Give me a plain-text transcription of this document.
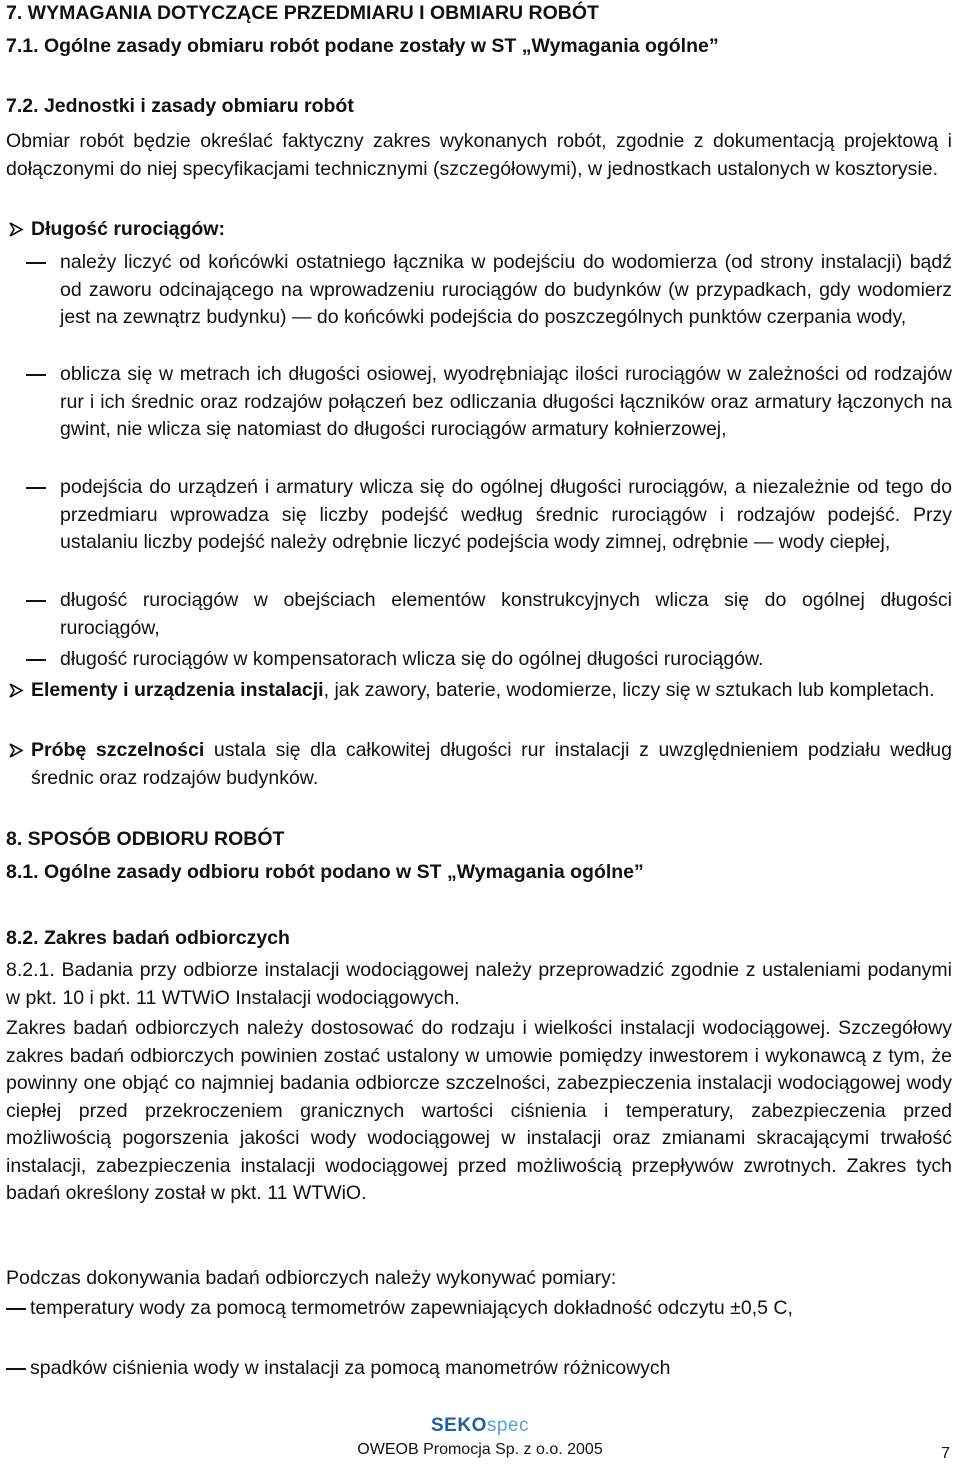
7. WYMAGANIA DOTYCZĄCE PRZEDMIARU I OBMIARU ROBÓT
7.1. Ogólne zasady obmiaru robót podane zostały w ST „Wymagania ogólne”
7.2. Jednostki i zasady obmiaru robót
Obmiar robót będzie określać faktyczny zakres wykonanych robót, zgodnie z dokumentacją projektową i dołączonymi do niej specyfikacjami technicznymi (szczegółowymi), w jednostkach ustalonych w kosztorysie.
Długość rurociągów:
należy liczyć od końcówki ostatniego łącznika w podejściu do wodomierza (od strony instalacji) bądź od zaworu odcinającego na wprowadzeniu rurociągów do budynków (w przypadkach, gdy wodomierz jest na zewnątrz budynku) — do końcówki podejścia do poszczególnych punktów czerpania wody,
oblicza się w metrach ich długości osiowej, wyodrębniając ilości rurociągów w zależności od rodzajów rur i ich średnic oraz rodzajów połączeń bez odliczania długości łączników oraz armatury łączonych na gwint, nie wlicza się natomiast do długości rurociągów armatury kołnierzowej,
podejścia do urządzeń i armatury wlicza się do ogólnej długości rurociągów, a niezależnie od tego do przedmiaru wprowadza się liczby podejść według średnic rurociągów i rodzajów podejść. Przy ustalaniu liczby podejść należy odrębnie liczyć podejścia wody zimnej, odrębnie — wody ciepłej,
długość rurociągów w obejściach elementów konstrukcyjnych wlicza się do ogólnej długości rurociągów,
długość rurociągów w kompensatorach wlicza się do ogólnej długości rurociągów.
Elementy i urządzenia instalacji, jak zawory, baterie, wodomierze, liczy się w sztukach lub kompletach.
Próbę szczelności ustala się dla całkowitej długości rur instalacji z uwzględnieniem podziału według średnic oraz rodzajów budynków.
8. SPOSÓB ODBIORU ROBÓT
8.1. Ogólne zasady odbioru robót podano w ST „Wymagania ogólne”
8.2. Zakres badań odbiorczych
8.2.1. Badania przy odbiorze instalacji wodociągowej należy przeprowadzić zgodnie z ustaleniami podanymi w pkt. 10 i pkt. 11 WTWiO Instalacji wodociągowych.
Zakres badań odbiorczych należy dostosować do rodzaju i wielkości instalacji wodociągowej. Szczegółowy zakres badań odbiorczych powinien zostać ustalony w umowie pomiędzy inwestorem i wykonawcą z tym, że powinny one objąć co najmniej badania odbiorcze szczelności, zabezpieczenia instalacji wodociągowej wody ciepłej przed przekroczeniem granicznych wartości ciśnienia i temperatury, zabezpieczenia przed możliwością pogorszenia jakości wody wodociągowej w instalacji oraz zmianami skracającymi trwałość instalacji, zabezpieczenia instalacji wodociągowej przed możliwością przepływów zwrotnych. Zakres tych badań określony został w pkt. 11 WTWiO.
Podczas dokonywania badań odbiorczych należy wykonywać pomiary:
temperatury wody za pomocą termometrów zapewniających dokładność odczytu ±0,5 C,
spadków ciśnienia wody w instalacji za pomocą manometrów różnicowych
SEKOspec
OWEOB Promocja Sp. z o.o. 2005	7
